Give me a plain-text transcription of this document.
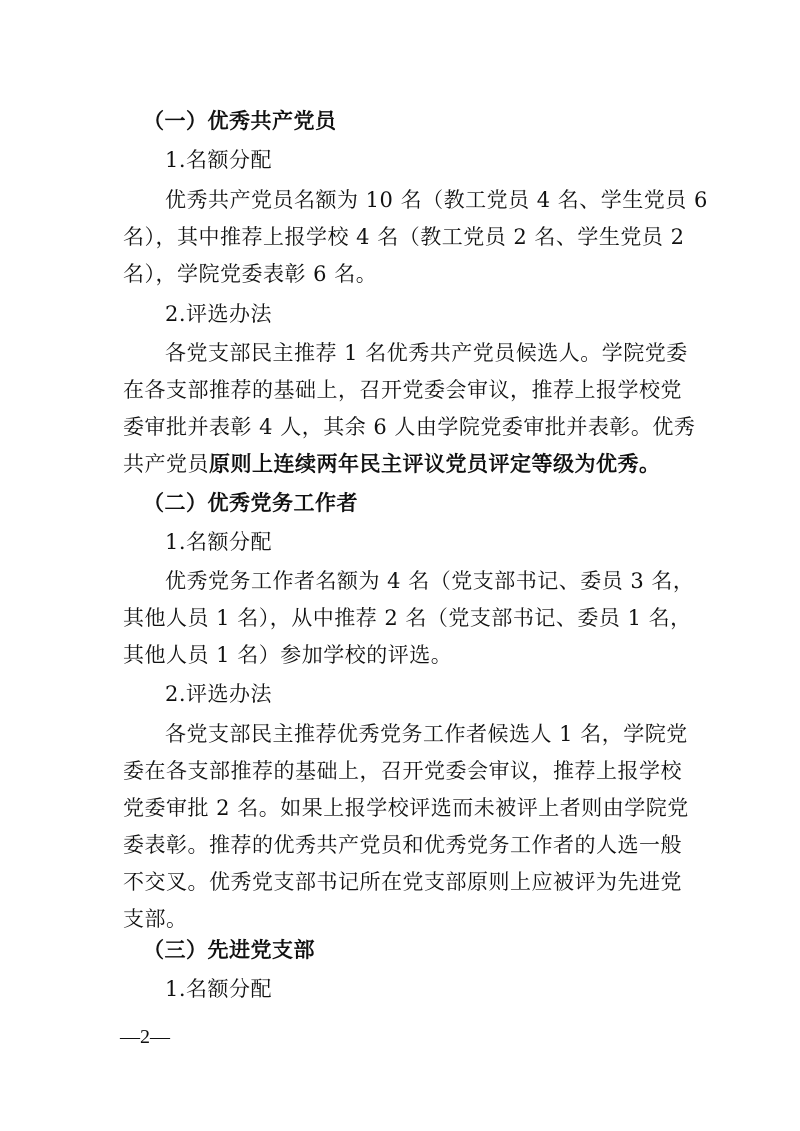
（一）优秀共产党员
1.名额分配
优秀共产党员名额为 10 名（教工党员 4 名、学生党员 6
名），其中推荐上报学校 4 名（教工党员 2 名、学生党员 2
名），学院党委表彰 6 名。
2.评选办法
各党支部民主推荐 1 名优秀共产党员候选人。学院党委
在各支部推荐的基础上，召开党委会审议，推荐上报学校党
委审批并表彰 4 人，其余 6 人由学院党委审批并表彰。优秀
共产党员原则上连续两年民主评议党员评定等级为优秀。
（二）优秀党务工作者
1.名额分配
优秀党务工作者名额为 4 名（党支部书记、委员 3 名，
其他人员 1 名），从中推荐 2 名（党支部书记、委员 1 名，
其他人员 1 名）参加学校的评选。
2.评选办法
各党支部民主推荐优秀党务工作者候选人 1 名，学院党
委在各支部推荐的基础上，召开党委会审议，推荐上报学校
党委审批 2 名。如果上报学校评选而未被评上者则由学院党
委表彰。推荐的优秀共产党员和优秀党务工作者的人选一般
不交叉。优秀党支部书记所在党支部原则上应被评为先进党
支部。
（三）先进党支部
1.名额分配
—2—
